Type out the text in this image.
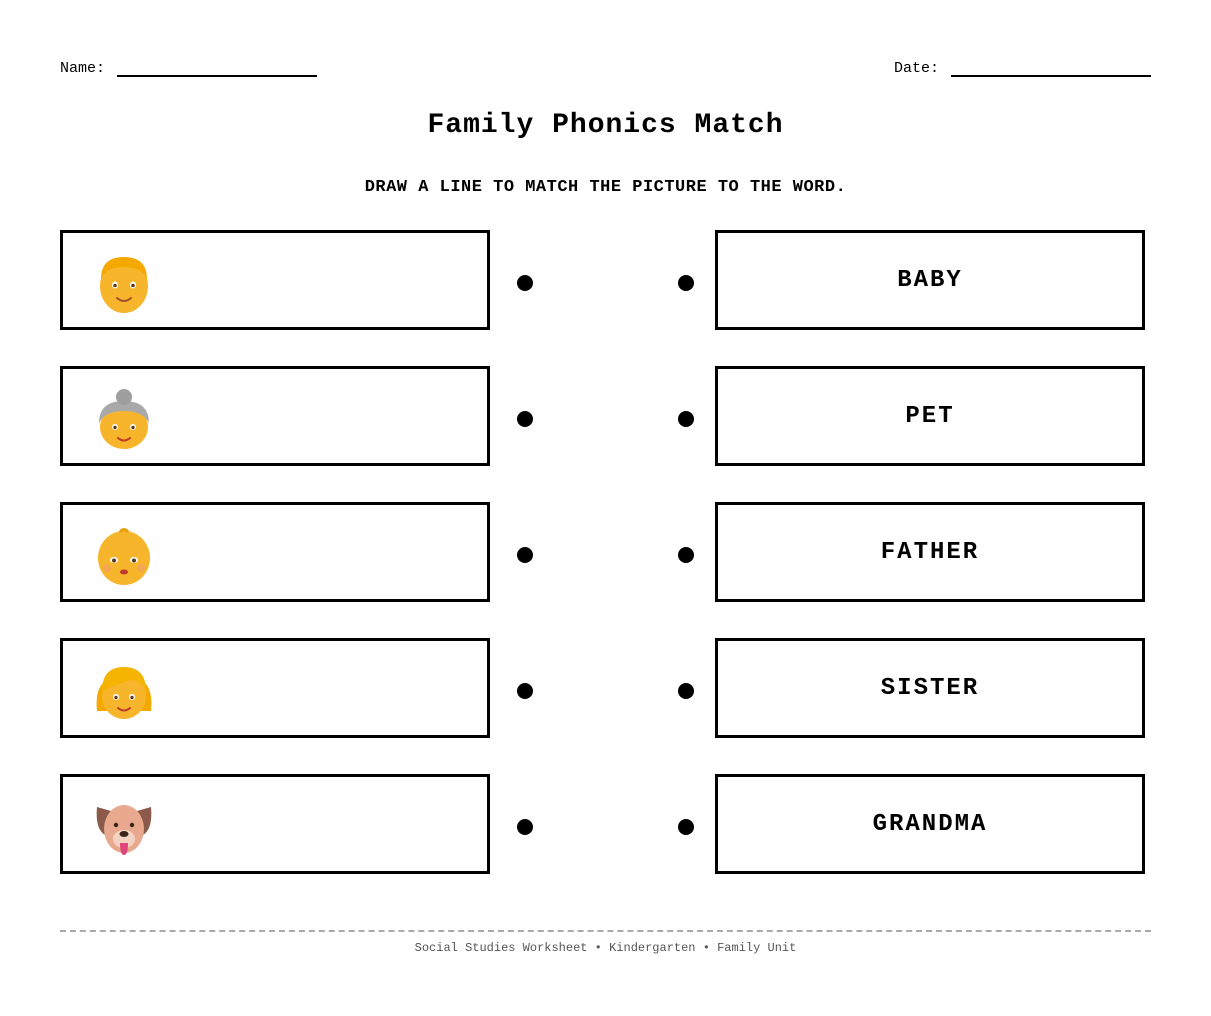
Name:	Date:
Family Phonics Match
DRAW A LINE TO MATCH THE PICTURE TO THE WORD.
BABY
PET
FATHER
SISTER
GRANDMA
Social Studies Worksheet • Kindergarten • Family Unit
